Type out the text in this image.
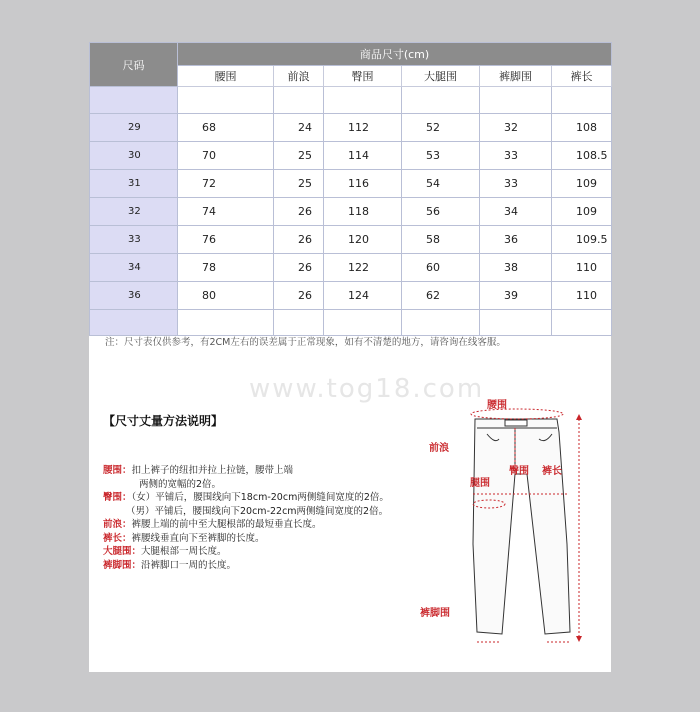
尺码	商品尺寸(cm)					
	腰围	前浪	臀围	大腿围	裤脚围	裤长

29	68	24	112	52	32	108
30	70	25	114	53	33	108.5
31	72	25	116	54	33	109
32	74	26	118	56	34	109
33	76	26	120	58	36	109.5
34	78	26	122	60	38	110
36	80	26	124	62	39	110

注：尺寸表仅供参考，有2CM左右的误差属于正常现象，如有不清楚的地方，请咨询在线客服。
www.tog18.com
【尺寸丈量方法说明】
腰围：扣上裤子的纽扣并拉上拉链，腰带上端
两侧的宽幅的2倍。
臀围：（女）平铺后，腰围线向下18cm-20cm两侧缝间宽度的2倍。
（男）平铺后，腰围线向下20cm-22cm两侧缝间宽度的2倍。
前浪：裤腰上端的前中至大腿根部的最短垂直长度。
裤长：裤腰线垂直向下至裤脚的长度。
大腿围：大腿根部一周长度。
裤脚围：沿裤脚口一周的长度。
腰围
前浪
臀围
腿围
裤长
裤脚围
